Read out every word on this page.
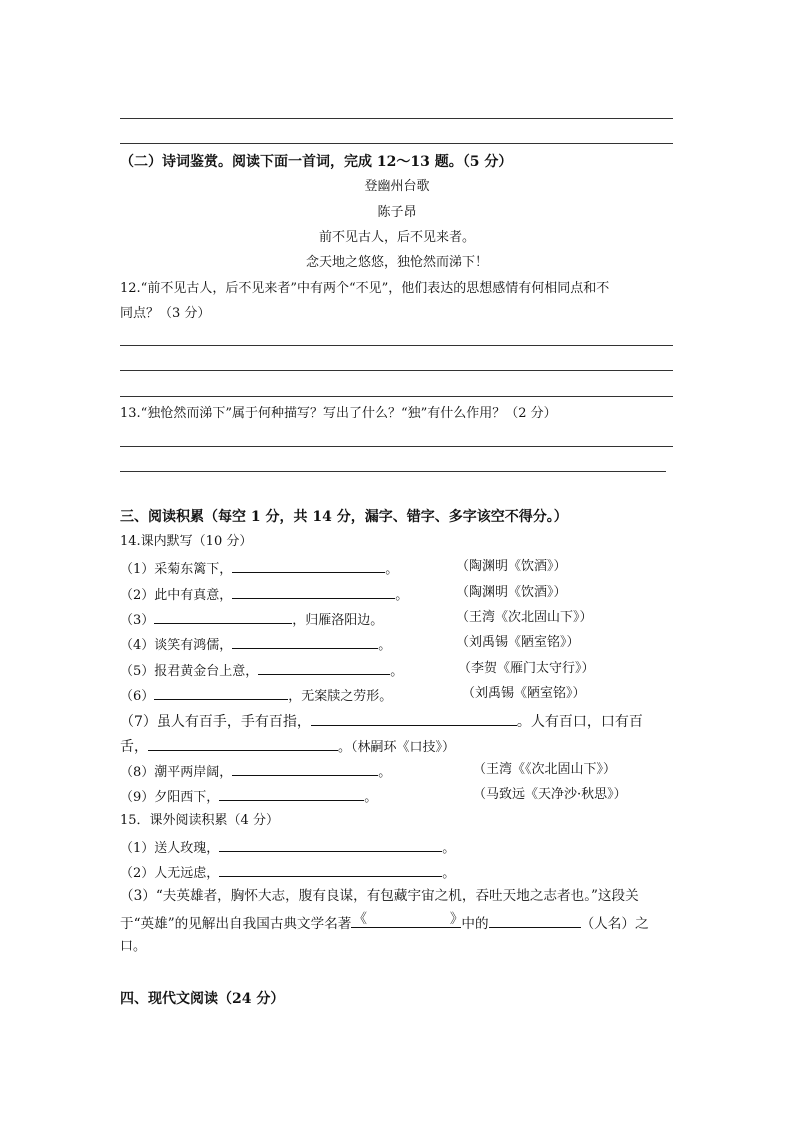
（二）诗词鉴赏。阅读下面一首词，完成 12～13 题。（5 分）
登幽州台歌
陈子昂
前不见古人，后不见来者。
念天地之悠悠，独怆然而涕下！
12.“前不见古人，后不见来者”中有两个“不见”，他们表达的思想感情有何相同点和不
同点？（3 分）
13.“独怆然而涕下”属于何种描写？写出了什么？“独”有什么作用？（2 分）
三、阅读积累（每空 1 分，共 14 分，漏字、错字、多字该空不得分。）
14.课内默写（10 分）
（1）采菊东篱下，	。	（陶渊明《饮酒》）
（2）此中有真意，	。	（陶渊明《饮酒》）
（3）	，归雁洛阳边。	（王湾《次北固山下》）
（4）谈笑有鸿儒，	。	（刘禹锡《陋室铭》）
（5）报君黄金台上意，	。	（李贺《雁门太守行》）
（6）	，无案牍之劳形。	（刘禹锡《陋室铭》）
（7）虽人有百手，手有百指，	。人有百口，口有百
舌，	。（林嗣环《口技》）
（8）潮平两岸阔，	。	（王湾《《次北固山下》）
（9）夕阳西下，	。	（马致远《天净沙·秋思》）
15．课外阅读积累（4 分）
（1）送人玫瑰，	。
（2）人无远虑，	。
（3）“夫英雄者，胸怀大志，腹有良谋，有包藏宇宙之机，吞吐天地之志者也。”这段关
于“英雄”的见解出自我国古典文学名著 《	》
中的	（人名）之
口。
四、现代文阅读（24 分）
